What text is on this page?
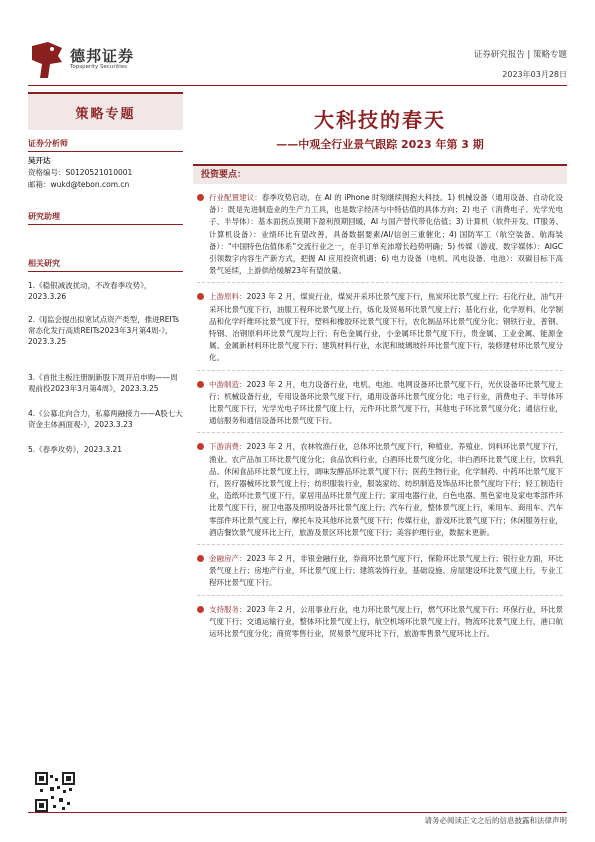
德邦证券
Topsperity Securities
证券研究报告 | 策略专题
2023年03月28日
策略专题
证券分析师
吴开达
资格编号：S0120521010001
邮箱：wukd@tebon.com.cn
研究助理
相关研究
1.《稳银减波扰动，不改春季攻势》，2023.3.26
2.《IJ监会提出拟宽试点资产类型，推进REITs常态化发行高质REITs2023年3月第4周-》，2023.3.25
3.《首批主板注册制新股下周开启申购——周观前投2023年3月第4周》，2023.3.25
4.《公募北向合力，私募两融接力——A股七大资金主体画面观-》，2023.3.23
5.《春季攻势》，2023.3.21
大科技的春天
——中观全行业景气跟踪 2023 年第 3 期
投资要点：
行业配置建议：春季攻势启动，在 AI 的 iPhone 时刻继续拥抱大科技。1) 机械设备（通用设备、自动化设备）：既是先进制造业的生产力工具，也是数字经济与中特估值的具体方向；2) 电子（消费电子、光学光电子、半导体）：基本面拐点预期下盈利预期回暖，AI 与国产替代带化估值；3) 计算机（软件开发、IT服务、计算机设备）：业绩环比有望改善，具备数据要素/AI/信创三重催化；4) 国防军工（航空装备、航海装备）：“中国特色估值体系”交流行业之一，在手订单充沛增长趋势明确；5) 传媒（游戏、数字媒体）：AIGC 引领数字内容生产新方式，把握 AI 应用投资机遇；6) 电力设备（电机、风电设备、电池）：双碳目标下高景气延续，上游供给缓解23年有望放量。
上游原料：2023 年 2 月，煤炭行业，煤炭开采环比景气度下行，焦炭环比景气度上行；石化行业，油气开采环比景气度下行，油服工程环比景气度上行，炼化及贸易环比景气度上行；基化行业，化学原料、化学制品和化学纤维环比景气度下行，塑料和橡胶环比景气度下行，农化制品环比景气度分化；钢铁行业，普钢、特钢、冶钢原料环比景气度均上行；有色金属行业，小金属环比景气度下行，贵金属、工业金属、能源金属、金属新材料环比景气度下行；建筑材料行业，水泥和玻璃玻纤环比景气度下行，装修建材环比景气度分化。
中游制造：2023 年 2 月，电力设备行业，电机、电池、电网设备环比景气度下行，光伏设备环比景气度上行；机械设备行业，专用设备环比景气度下行，通用设备环比景气度分化；电子行业，消费电子、半导体环比景气度下行，光学光电子环比景气度上行，元件环比景气度下行，其他电子环比景气度分化；通信行业，通信服务和通信设备环比景气度下行。
下游消费：2023 年 2 月，农林牧渔行业，总体环比景气度下行，种植业、养殖业、饲料环比景气度下行，渔业、农产品加工环比景气度分化；食品饮料行业，白酒环比景气度分化，非白酒环比景气度上行，饮料乳品、休闲食品环比景气度上行，调味发酵品环比景气度下行；医药生物行业，化学制药、中药环比景气度下行，医疗器械环比景气度上行；纺织服装行业，服装家纺、纺织制造及饰品环比景气度均下行；轻工制造行业，造纸环比景气度下行，家居用品环比景气度上行；家用电器行业，白色电器、黑色家电及家电零部件环比景气度下行，厨卫电器及照明设备环比景气度上行；汽车行业，整体景气度上行，乘用车、商用车、汽车零部件环比景气度上行，摩托车及其他环比景气度下行；传媒行业，游戏环比景气度下行；休闲服务行业，酒店餐饮景气度环比上行，旅游及景区环比景气度下行；美容护理行业，数据未更新。
金融房产：2023 年 2 月，非银金融行业，券商环比景气度下行，保险环比景气度上行；银行业方面，环比景气度上行；房地产行业，环比景气度上行；建筑装饰行业，基础设施、房屋建设环比景气度上行，专业工程环比景气度下行。
支持服务：2023 年 2 月，公用事业行业，电力环比景气度上行，燃气环比景气度下行；环保行业，环比景气度下行；交通运输行业，整体环比景气度上行，航空机场环比景气度上行，物流环比景气度上行，港口航运环比景气度分化；商贸零售行业，贸易景气度环比下行，旅游零售景气度环比上行。
请务必阅读正文之后的信息披露和法律声明
